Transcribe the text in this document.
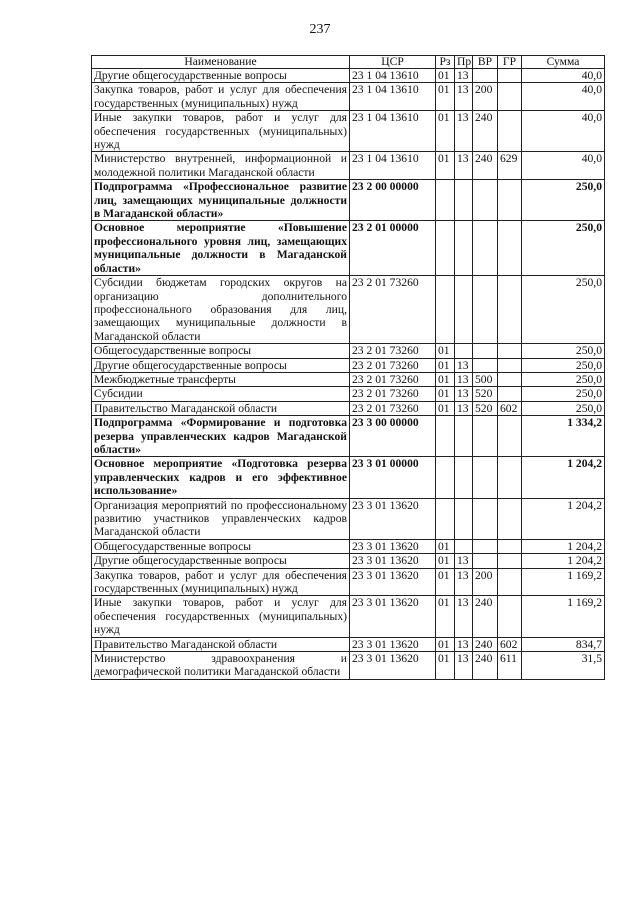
237
Наименование	ЦСР	Рз	Пр	ВР	ГР	Сумма
Другие общегосударственные вопросы	23 1 04 13610	01	13			40,0
Закупка товаров, работ и услуг для обеспечения государственных (муниципальных) нужд	23 1 04 13610	01	13	200		40,0
Иные закупки товаров, работ и услуг для обеспечения государственных (муниципальных) нужд	23 1 04 13610	01	13	240		40,0
Министерство внутренней, информационной и молодежной политики Магаданской области	23 1 04 13610	01	13	240	629	40,0
Подпрограмма «Профессиональное развитие лиц, замещающих муниципальные должности в Магаданской области»	23 2 00 00000					250,0
Основное мероприятие «Повышение профессионального уровня лиц, замещающих муниципальные должности в Магаданской области»	23 2 01 00000					250,0
Субсидии бюджетам городских округов на организацию дополнительного профессионального образования для лиц, замещающих муниципальные должности в Магаданской области	23 2 01 73260					250,0
Общегосударственные вопросы	23 2 01 73260	01				250,0
Другие общегосударственные вопросы	23 2 01 73260	01	13			250,0
Межбюджетные трансферты	23 2 01 73260	01	13	500		250,0
Субсидии	23 2 01 73260	01	13	520		250,0
Правительство Магаданской области	23 2 01 73260	01	13	520	602	250,0
Подпрограмма «Формирование и подготовка резерва управленческих кадров Магаданской области»	23 3 00 00000					1 334,2
Основное мероприятие «Подготовка резерва управленческих кадров и его эффективное использование»	23 3 01 00000					1 204,2
Организация мероприятий по профессиональному развитию участников управленческих кадров Магаданской области	23 3 01 13620					1 204,2
Общегосударственные вопросы	23 3 01 13620	01				1 204,2
Другие общегосударственные вопросы	23 3 01 13620	01	13			1 204,2
Закупка товаров, работ и услуг для обеспечения государственных (муниципальных) нужд	23 3 01 13620	01	13	200		1 169,2
Иные закупки товаров, работ и услуг для обеспечения государственных (муниципальных) нужд	23 3 01 13620	01	13	240		1 169,2
Правительство Магаданской области	23 3 01 13620	01	13	240	602	834,7
Министерство здравоохранения и демографической политики Магаданской области	23 3 01 13620	01	13	240	611	31,5
